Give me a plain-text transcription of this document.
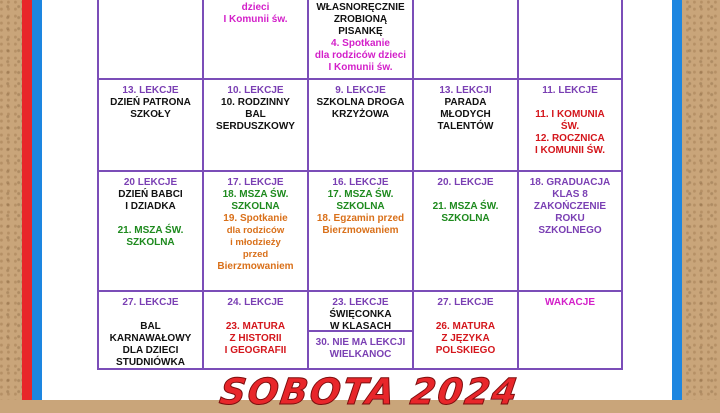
dzieci
I Komunii św.
WŁASNORĘCZNIE
ZROBIONĄ
PISANKĘ
4. Spotkanie
dla rodziców dzieci
I Komunii św.
13. LEKCJE
DZIEŃ PATRONA
SZKOŁY
10. LEKCJE
10. RODZINNY
BAL
SERDUSZKOWY
9. LEKCJE
SZKOLNA DROGA
KRZYŻOWA
13. LEKCJI
PARADA
MŁODYCH
TALENTÓW
11. LEKCJE
11. I KOMUNIA
ŚW.
12. ROCZNICA
I KOMUNII ŚW.
20 LEKCJE
DZIEŃ BABCI
I DZIADKA
21. MSZA ŚW.
SZKOLNA
17. LEKCJE
18. MSZA ŚW.
SZKOLNA
19. Spotkanie
dla rodziców
i młodzieży
przed
Bierzmowaniem
16. LEKCJE
17. MSZA ŚW.
SZKOLNA
18. Egzamin przed
Bierzmowaniem
20. LEKCJE
21. MSZA ŚW.
SZKOLNA
18. GRADUACJA
KLAS 8
ZAKOŃCZENIE
ROKU
SZKOLNEGO
27. LEKCJE
BAL
KARNAWAŁOWY
DLA DZIECI
STUDNIÓWKA
24. LEKCJE
23. MATURA
Z HISTORII
I GEOGRAFII
23. LEKCJE
ŚWIĘCONKA
W KLASACH
30. NIE MA LEKCJI
WIELKANOC
27. LEKCJE
26. MATURA
Z JĘZYKA
POLSKIEGO
WAKACJE
SOBOTA 2024
